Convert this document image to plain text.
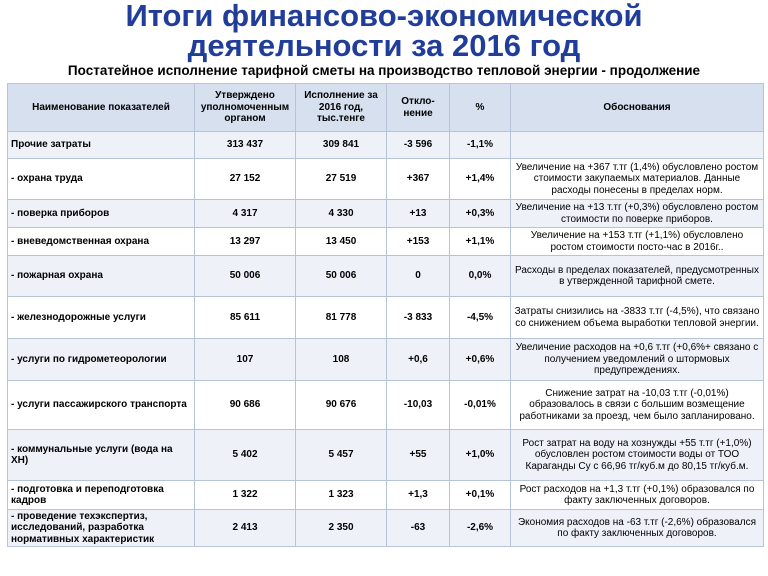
Итоги финансово-экономической
деятельности за 2016 год
Постатейное исполнение тарифной сметы на производство тепловой энергии - продолжение
Наименование показателей	Утверждено уполномоченным органом	Исполнение за 2016 год, тыс.тенге	Откло-нение	%	Обоснования
Прочие затраты	313 437	309 841	-3 596	-1,1%	
- охрана труда	27 152	27 519	+367	+1,4%	Увеличение на +367 т.тг (1,4%) обусловлено ростом стоимости закупаемых материалов. Данные расходы понесены в пределах норм.
- поверка приборов	4 317	4 330	+13	+0,3%	Увеличение на +13 т.тг (+0,3%) обусловлено ростом стоимости по поверке приборов.
- вневедомственная охрана	13 297	13 450	+153	+1,1%	Увеличение на +153 т.тг (+1,1%) обусловлено ростом стоимости посто-час в 2016г..
- пожарная охрана	50 006	50 006	0	0,0%	Расходы в пределах показателей, предусмотренных в утвержденной тарифной смете.
- железнодорожные услуги	85 611	81 778	-3 833	-4,5%	Затраты снизились на -3833 т.тг (-4,5%), что связано со снижением объема выработки тепловой энергии.
- услуги по гидрометеорологии	107	108	+0,6	+0,6%	Увеличение расходов на +0,6 т.тг (+0,6%+ связано с получением уведомлений о штормовых предупреждениях.
- услуги пассажирского транспорта	90 686	90 676	-10,03	-0,01%	Снижение затрат на -10,03 т.тг (-0,01%) образовалось в связи с большим возмещение работниками за проезд, чем было запланировано.
- коммунальные услуги (вода на ХН)	5 402	5 457	+55	+1,0%	Рост затрат на воду на хознужды +55 т.тг (+1,0%) обусловлен ростом стоимости воды от ТОО Караганды Су с 66,96 тг/куб.м до 80,15 тг/куб.м.
- подготовка и переподготовка кадров	1 322	1 323	+1,3	+0,1%	Рост расходов на +1,3 т.тг (+0,1%) образовался по факту заключенных договоров.
- проведение техэкспертиз, исследований, разработка нормативных характеристик	2 413	2 350	-63	-2,6%	Экономия расходов на -63 т.тг (-2,6%) образовался по факту заключенных договоров.
